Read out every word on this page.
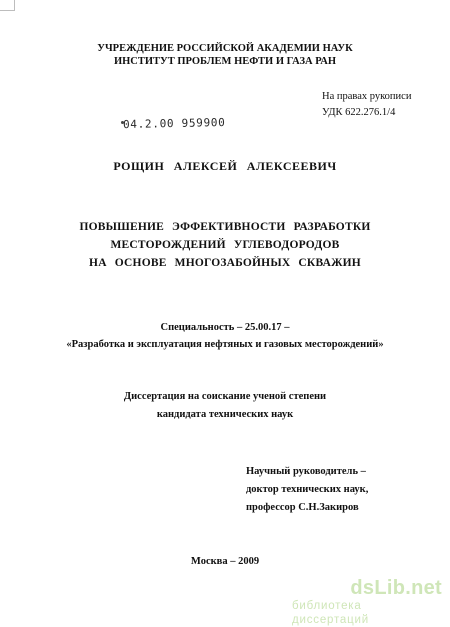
УЧРЕЖДЕНИЕ РОССИЙСКОЙ АКАДЕМИИ НАУК
ИНСТИТУТ ПРОБЛЕМ НЕФТИ И ГАЗА РАН
На правах рукописи
УДК 622.276.1/4
04.2.00 959900
РОЩИН АЛЕКСЕЙ АЛЕКСЕЕВИЧ
ПОВЫШЕНИЕ ЭФФЕКТИВНОСТИ РАЗРАБОТКИ
МЕСТОРОЖДЕНИЙ УГЛЕВОДОРОДОВ
НА ОСНОВЕ МНОГОЗАБОЙНЫХ СКВАЖИН
Специальность – 25.00.17 –
«Разработка и эксплуатация нефтяных и газовых месторождений»
Диссертация на соискание ученой степени
кандидата технических наук
Научный руководитель –
доктор технических наук,
профессор С.Н.Закиров
Москва – 2009
dsLib.net
библиотека диссертаций
